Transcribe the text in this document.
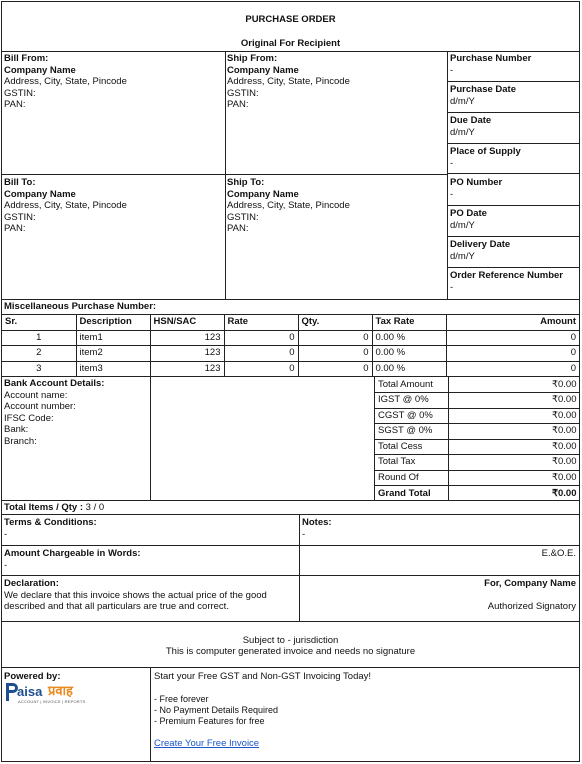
PURCHASE ORDER
Original For Recipient
Bill From:
Company Name
Address, City, State, Pincode
GSTIN:
PAN:
Ship From:
Company Name
Address, City, State, Pincode
GSTIN:
PAN:
Bill To:
Company Name
Address, City, State, Pincode
GSTIN:
PAN:
Ship To:
Company Name
Address, City, State, Pincode
GSTIN:
PAN:
Purchase Number
-
Purchase Date
d/m/Y
Due Date
d/m/Y
Place of Supply
-
PO Number
-
PO Date
d/m/Y
Delivery Date
d/m/Y
Order Reference Number
-
Miscellaneous Purchase Number:
Sr.	Description	HSN/SAC	Rate	Qty.	Tax Rate	Amount
1	item1	123	0	0	0.00 %	0
2	item2	123	0	0	0.00 %	0
3	item3	123	0	0	0.00 %	0
Bank Account Details:
Account name:
Account number:
IFSC Code:
Bank:
Branch:
Total Amount	₹0.00
IGST @ 0%	₹0.00
CGST @ 0%	₹0.00
SGST @ 0%	₹0.00
Total Cess	₹0.00
Total Tax	₹0.00
Round Of	₹0.00
Grand Total	₹0.00
Total Items / Qty : 3 / 0
Terms & Conditions:
-
Notes:
-
Amount Chargeable in Words:
-
E.&O.E.
Declaration:
We declare that this invoice shows the actual price of the good
described and that all particulars are true and correct.
For, Company Name
Authorized Signatory
Subject to - jurisdiction
This is computer generated invoice and needs no signature
Powered by:
aisa प्रवाह
ACCOUNT | INVOICE | REPORTS
Start your Free GST and Non-GST Invoicing Today!
- Free forever
- No Payment Details Required
- Premium Features for free
Create Your Free Invoice
